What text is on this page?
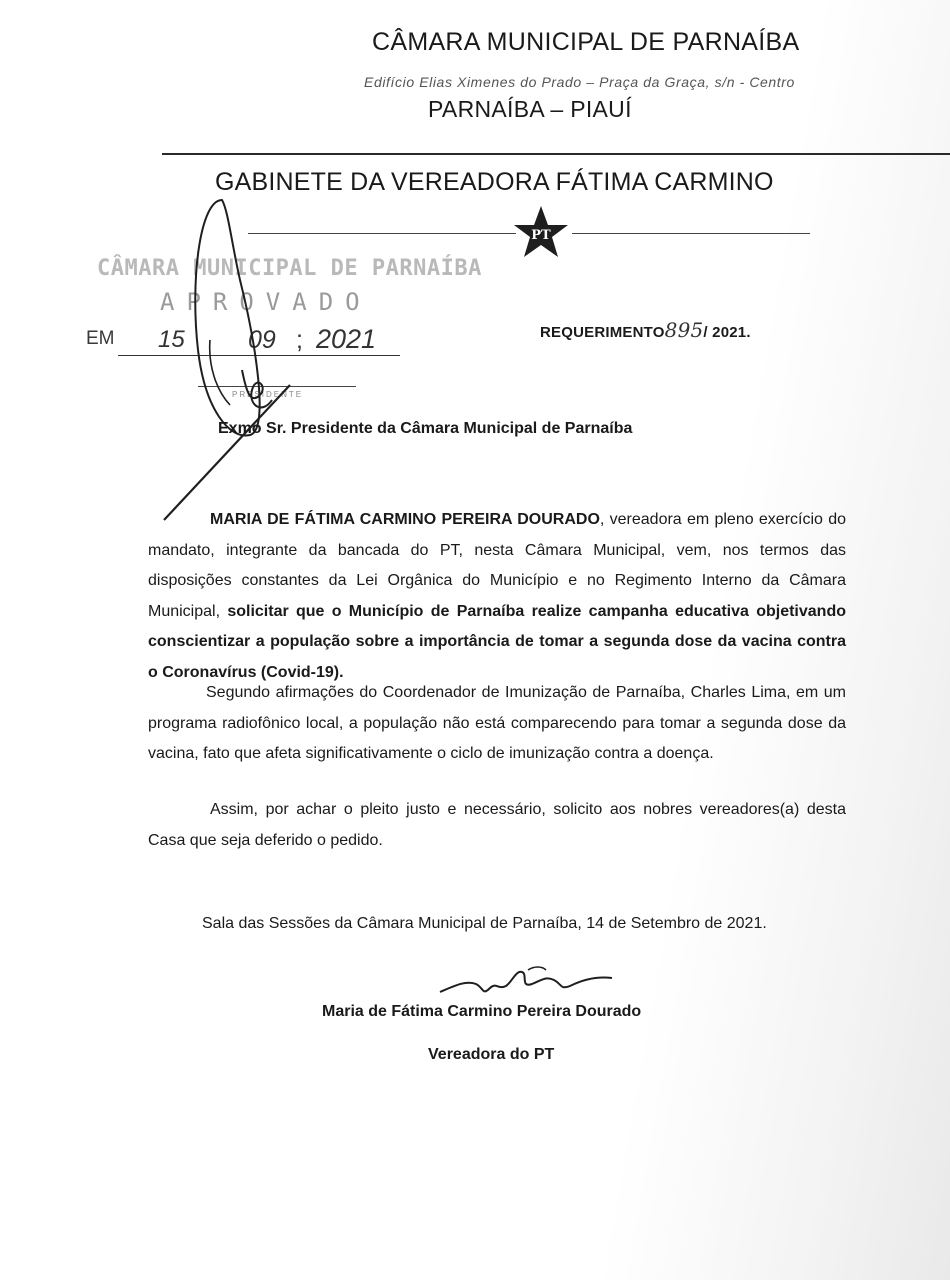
CÂMARA MUNICIPAL DE PARNAÍBA
Edifício Elias Ximenes do Prado – Praça da Graça, s/n - Centro
PARNAÍBA – PIAUÍ
GABINETE DA VEREADORA FÁTIMA CARMINO
PT
CÂMARA MUNICIPAL DE PARNAÍBA
APROVADO
EM 15	09 ; 2021
PRESIDENTE
REQUERIMENTO895/ 2021.
Exmo Sr. Presidente da Câmara Municipal de Parnaíba
MARIA DE FÁTIMA CARMINO PEREIRA DOURADO, vereadora em pleno exercício do mandato, integrante da bancada do PT, nesta Câmara Municipal, vem, nos termos das disposições constantes da Lei Orgânica do Município e no Regimento Interno da Câmara Municipal, solicitar que o Município de Parnaíba realize campanha educativa objetivando conscientizar a população sobre a importância de tomar a segunda dose da vacina contra o Coronavírus (Covid-19).
Segundo afirmações do Coordenador de Imunização de Parnaíba, Charles Lima, em um programa radiofônico local, a população não está comparecendo para tomar a segunda dose da vacina, fato que afeta significativamente o ciclo de imunização contra a doença.
Assim, por achar o pleito justo e necessário, solicito aos nobres vereadores(a) desta Casa que seja deferido o pedido.
Sala das Sessões da Câmara Municipal de Parnaíba, 14 de Setembro de 2021.
Maria de Fátima Carmino Pereira Dourado
Vereadora do PT
